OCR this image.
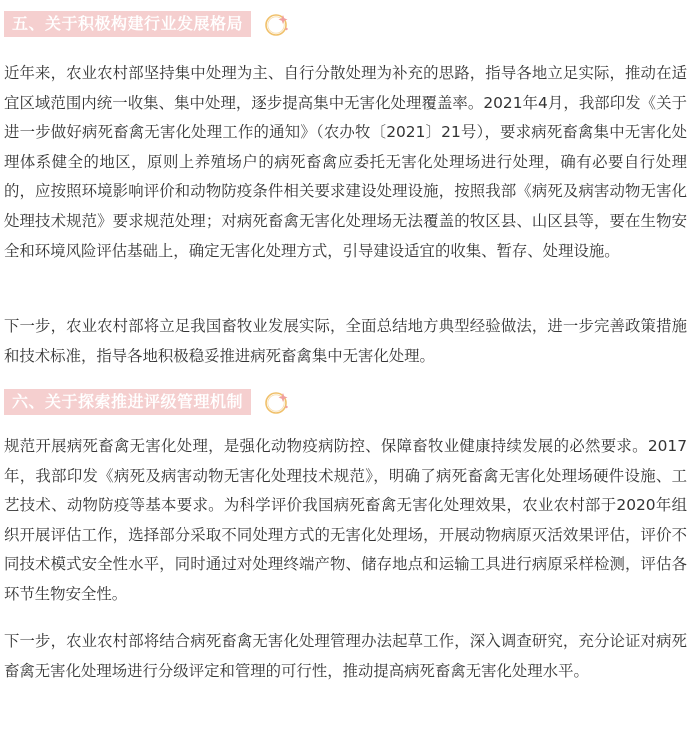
五、关于积极构建行业发展格局

近年来，农业农村部坚持集中处理为主、自行分散处理为补充的思路，指导各地立足实际，推动在适宜区域范围内统一收集、集中处理，逐步提高集中无害化处理覆盖率。2021年4月，我部印发《关于进一步做好病死畜禽无害化处理工作的通知》（农办牧〔2021〕21号），要求病死畜禽集中无害化处理体系健全的地区，原则上养殖场户的病死畜禽应委托无害化处理场进行处理，确有必要自行处理的，应按照环境影响评价和动物防疫条件相关要求建设处理设施，按照我部《病死及病害动物无害化处理技术规范》要求规范处理；对病死畜禽无害化处理场无法覆盖的牧区县、山区县等，要在生物安全和环境风险评估基础上，确定无害化处理方式，引导建设适宜的收集、暂存、处理设施。

下一步，农业农村部将立足我国畜牧业发展实际，全面总结地方典型经验做法，进一步完善政策措施和技术标准，指导各地积极稳妥推进病死畜禽集中无害化处理。

六、关于探索推进评级管理机制

规范开展病死畜禽无害化处理，是强化动物疫病防控、保障畜牧业健康持续发展的必然要求。2017年，我部印发《病死及病害动物无害化处理技术规范》，明确了病死畜禽无害化处理场硬件设施、工艺技术、动物防疫等基本要求。为科学评价我国病死畜禽无害化处理效果，农业农村部于2020年组织开展评估工作，选择部分采取不同处理方式的无害化处理场，开展动物病原灭活效果评估，评价不同技术模式安全性水平，同时通过对处理终端产物、储存地点和运输工具进行病原采样检测，评估各环节生物安全性。

下一步，农业农村部将结合病死畜禽无害化处理管理办法起草工作，深入调查研究，充分论证对病死畜禽无害化处理场进行分级评定和管理的可行性，推动提高病死畜禽无害化处理水平。
